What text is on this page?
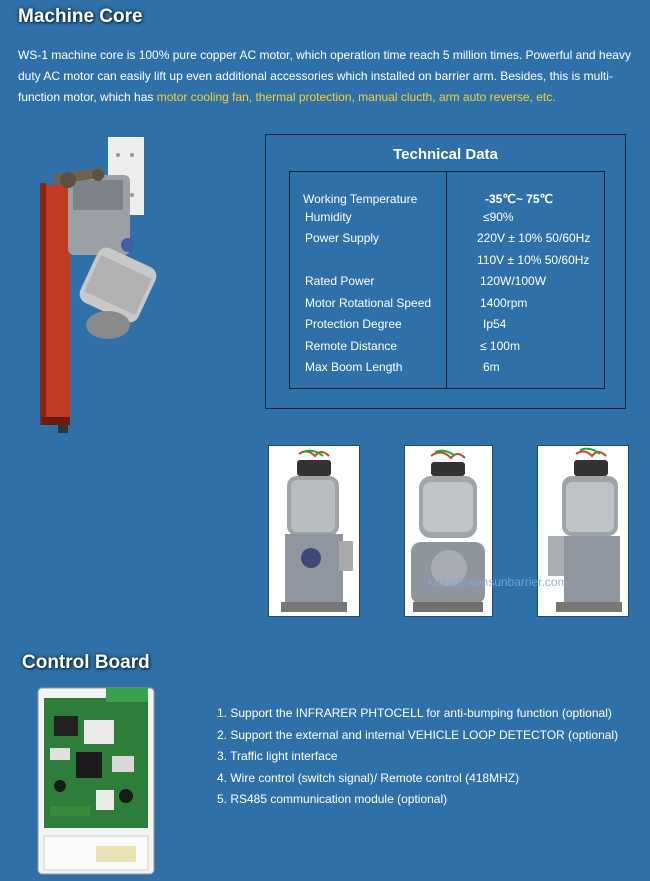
Machine Core
WS-1 machine core is 100% pure copper AC motor, which operation time reach 5 million times. Powerful and heavy duty AC motor can easily lift up even additional accessories which installed on barrier arm. Besides, this is multi-function motor, which has motor cooling fan, thermal protection, manual clucth, arm auto reverse, etc.
Technical Data
Working Temperature	-35℃~ 75℃
Humidity	≤90%
Power Supply	220V ± 10% 50/60Hz
110V ± 10% 50/60Hz
Rated Power	120W/100W
Motor Rotational Speed	1400rpm
Protection Degree	Ip54
Remote Distance	≤ 100m
Max Boom Length	6m
keira@wonsunbarrier.com
Control Board
1. Support the INFRARER PHTOCELL for anti-bumping function (optional)
2. Support the external and internal VEHICLE LOOP DETECTOR (optional)
3. Traffic light interface
4. Wire control (switch signal)/ Remote control (418MHZ)
5. RS485 communication module (optional)
